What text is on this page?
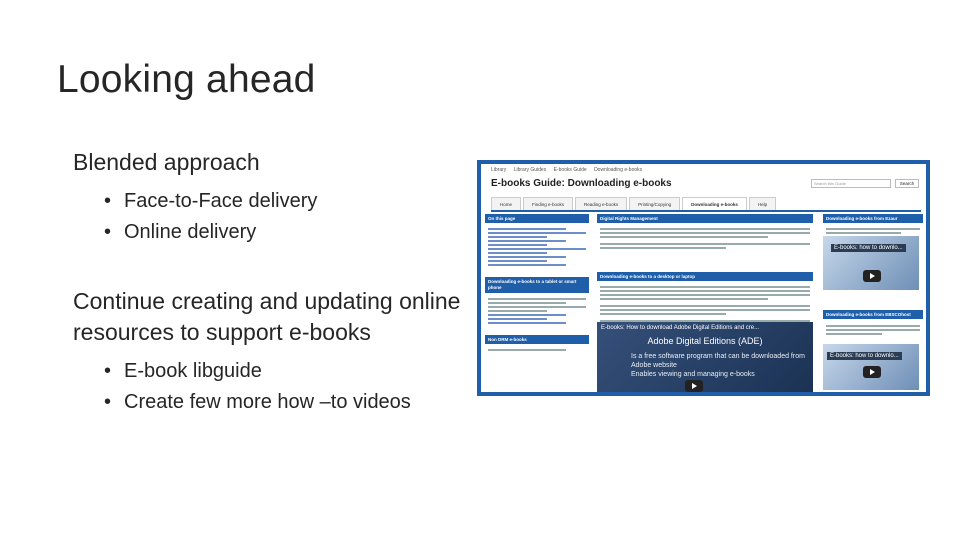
Looking ahead

Blended approach

• Face-to-Face delivery
• Online delivery

Continue creating and updating online resources to support e-books

• E-book libguide
• Create few more how –to videos
Library Library Guides E-books Guide Downloading e-books
E-books Guide: Downloading e-books	Search this Guide	Search
Home	Finding e-books	Reading e-books	Printing/Copying	Downloading e-books	Help
On this page
Downloading e-books to a tablet or smart phone
Non DRM e-books
Digital Rights Management
Downloading e-books to a desktop or laptop
E-books: How to download Adobe Digital Editions and cre...
Adobe Digital Editions (ADE)
Is a free software program that can be downloaded from Adobe website
Enables viewing and managing e-books
Downloading e-books from Ezaur
E-books: how to downlo...
Downloading e-books from EBSCOhost
E-books: how to downlo...
